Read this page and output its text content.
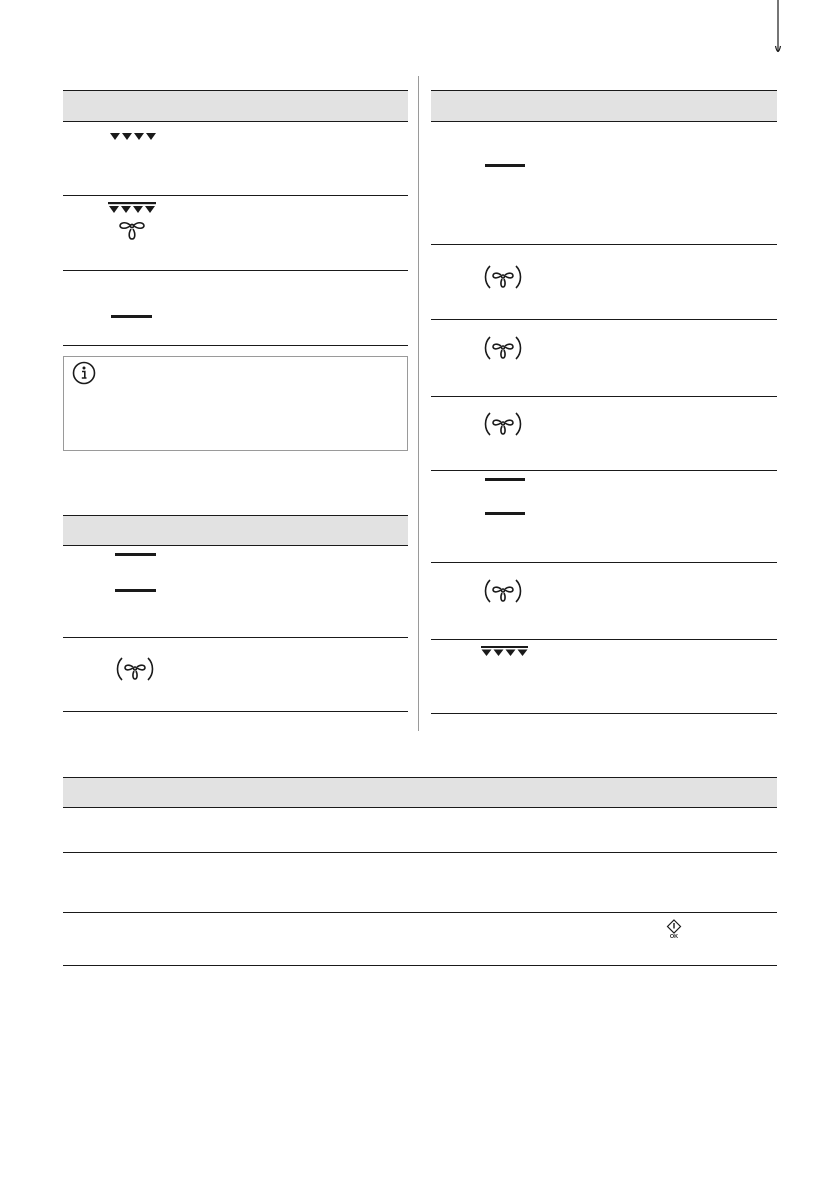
OK
